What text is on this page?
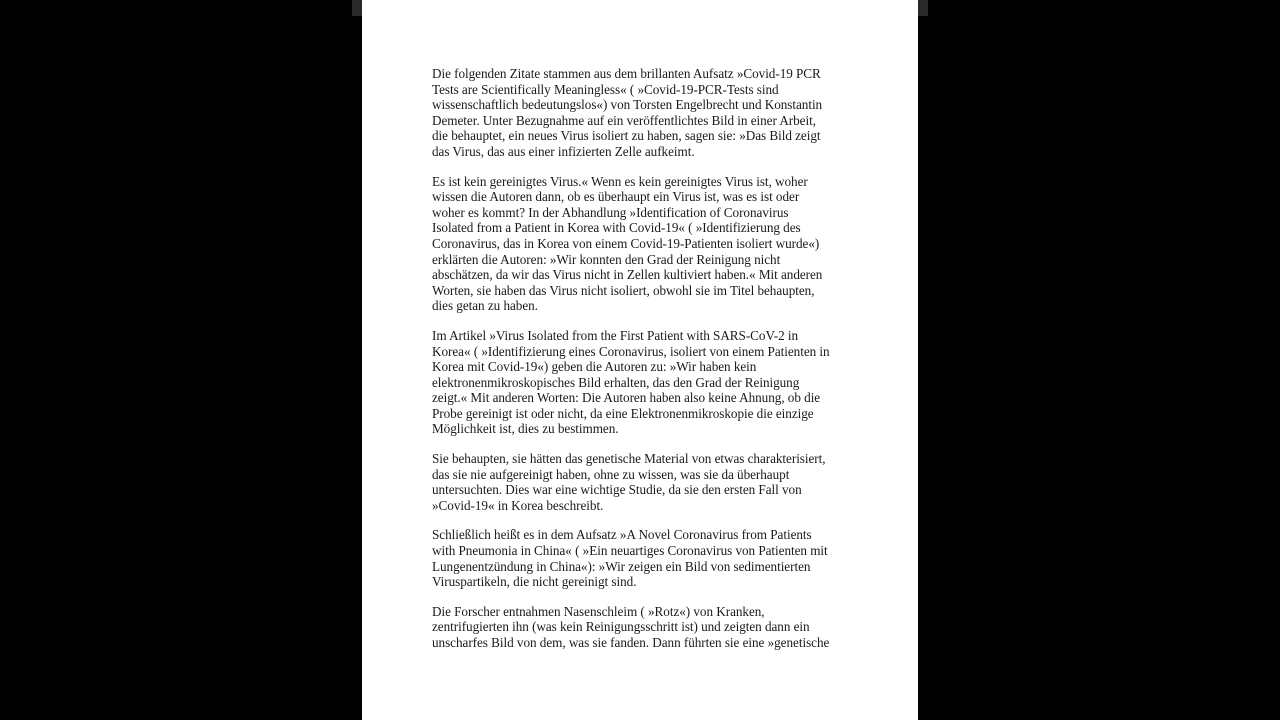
Die folgenden Zitate stammen aus dem brillanten Aufsatz »Covid-19 PCR
Tests are Scientifically Meaningless« ( »Covid-19-PCR-Tests sind
wissenschaftlich bedeutungslos«) von Torsten Engelbrecht und Konstantin
Demeter. Unter Bezugnahme auf ein veröffentlichtes Bild in einer Arbeit,
die behauptet, ein neues Virus isoliert zu haben, sagen sie: »Das Bild zeigt
das Virus, das aus einer infizierten Zelle aufkeimt.

Es ist kein gereinigtes Virus.« Wenn es kein gereinigtes Virus ist, woher
wissen die Autoren dann, ob es überhaupt ein Virus ist, was es ist oder
woher es kommt? In der Abhandlung »Identification of Coronavirus
Isolated from a Patient in Korea with Covid-19« ( »Identifizierung des
Coronavirus, das in Korea von einem Covid-19-Patienten isoliert wurde«)
erklärten die Autoren: »Wir konnten den Grad der Reinigung nicht
abschätzen, da wir das Virus nicht in Zellen kultiviert haben.« Mit anderen
Worten, sie haben das Virus nicht isoliert, obwohl sie im Titel behaupten,
dies getan zu haben.

Im Artikel »Virus Isolated from the First Patient with SARS-CoV-2 in
Korea« ( »Identifizierung eines Coronavirus, isoliert von einem Patienten in
Korea mit Covid-19«) geben die Autoren zu: »Wir haben kein
elektronenmikroskopisches Bild erhalten, das den Grad der Reinigung
zeigt.« Mit anderen Worten: Die Autoren haben also keine Ahnung, ob die
Probe gereinigt ist oder nicht, da eine Elektronenmikroskopie die einzige
Möglichkeit ist, dies zu bestimmen.

Sie behaupten, sie hätten das genetische Material von etwas charakterisiert,
das sie nie aufgereinigt haben, ohne zu wissen, was sie da überhaupt
untersuchten. Dies war eine wichtige Studie, da sie den ersten Fall von
»Covid-19« in Korea beschreibt.

Schließlich heißt es in dem Aufsatz »A Novel Coronavirus from Patients
with Pneumonia in China« ( »Ein neuartiges Coronavirus von Patienten mit
Lungenentzündung in China«): »Wir zeigen ein Bild von sedimentierten
Viruspartikeln, die nicht gereinigt sind.

Die Forscher entnahmen Nasenschleim ( »Rotz«) von Kranken,
zentrifugierten ihn (was kein Reinigungsschritt ist) und zeigten dann ein
unscharfes Bild von dem, was sie fanden. Dann führten sie eine »genetische
